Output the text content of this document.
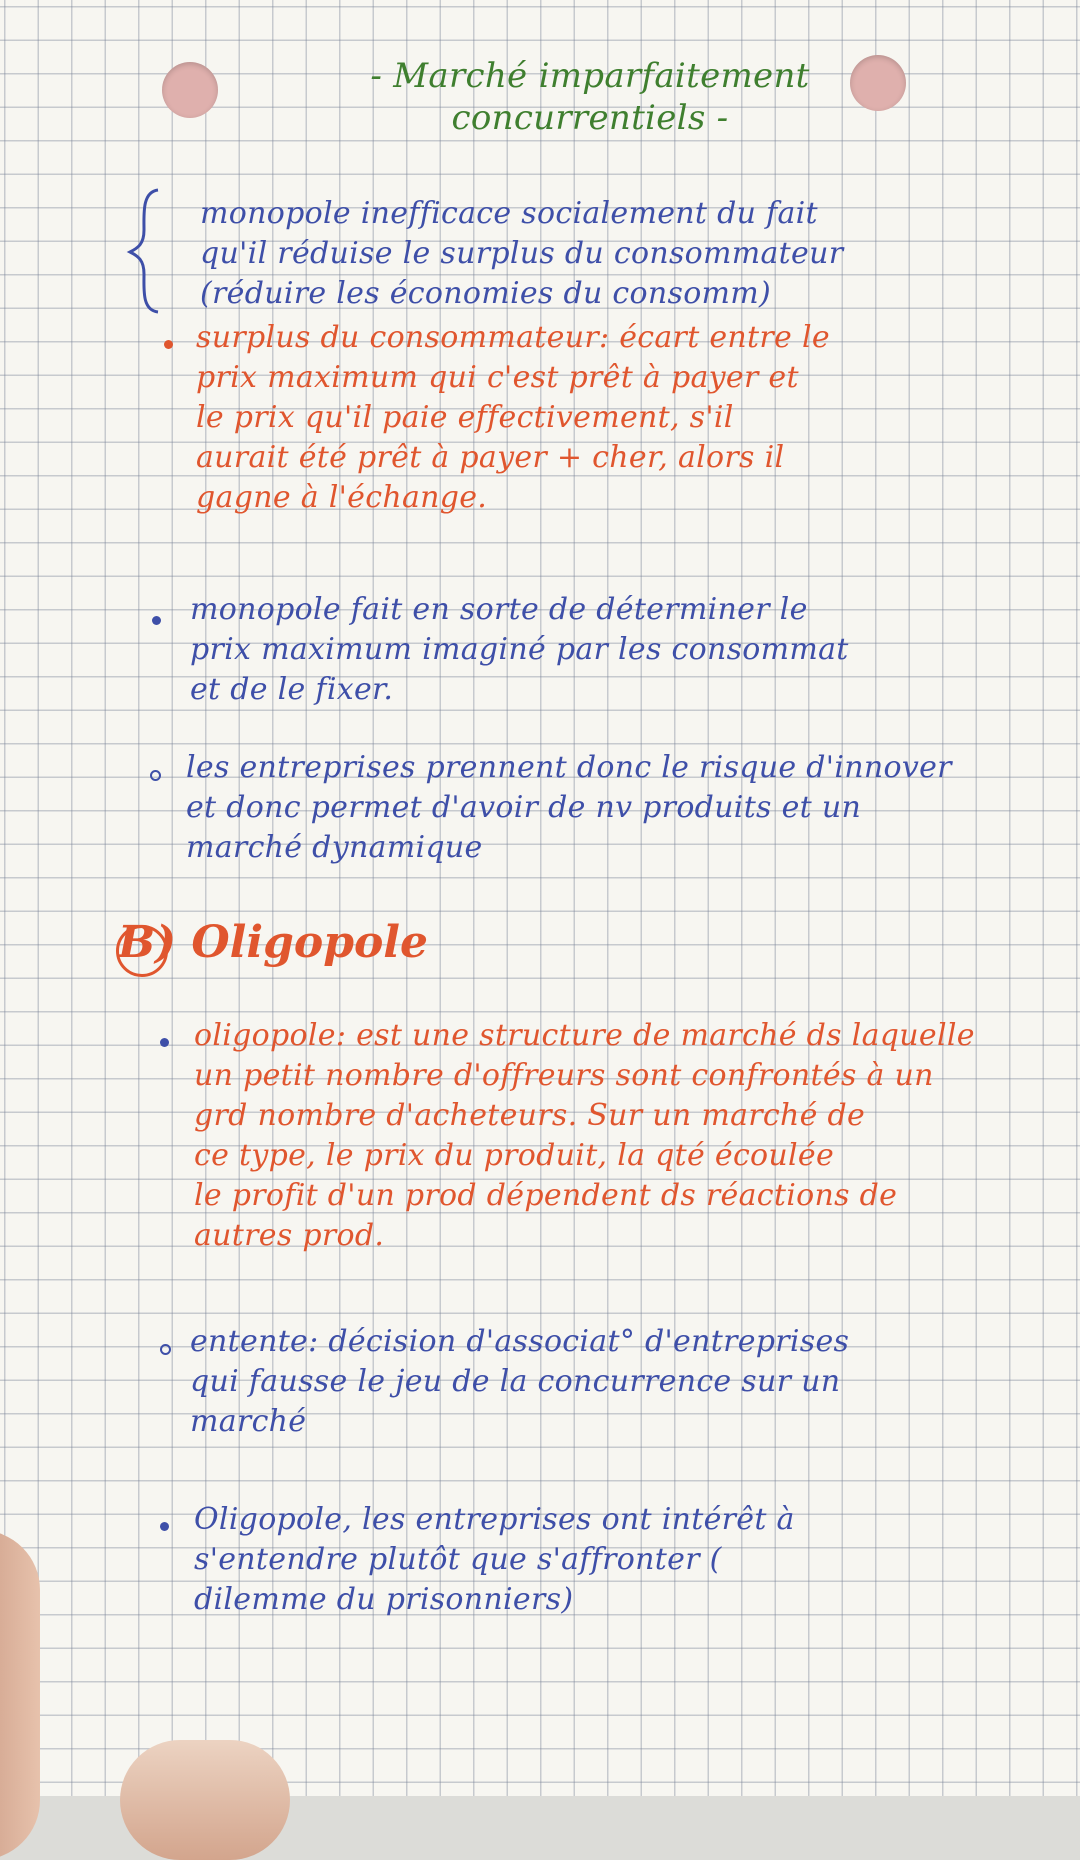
- Marché imparfaitement
concurrentiels -
monopole inefficace socialement du fait
qu'il réduise le surplus du consommateur
(réduire les économies du consomm)
surplus du consommateur: écart entre le
prix maximum qui c'est prêt à payer et
le prix qu'il paie effectivement, s'il
aurait été prêt à payer + cher, alors il
gagne à l'échange.
monopole fait en sorte de déterminer le
prix maximum imaginé par les consommat
et de le fixer.
les entreprises prennent donc le risque d'innover
et donc permet d'avoir de nv produits et un
marché dynamique
B) Oligopole
oligopole: est une structure de marché ds laquelle
un petit nombre d'offreurs sont confrontés à un
grd nombre d'acheteurs. Sur un marché de
ce type, le prix du produit, la qté écoulée
le profit d'un prod dépendent ds réactions de
autres prod.
entente: décision d'associat° d'entreprises
qui fausse le jeu de la concurrence sur un
marché
Oligopole, les entreprises ont intérêt à
s'entendre plutôt que s'affronter (
dilemme du prisonniers)
